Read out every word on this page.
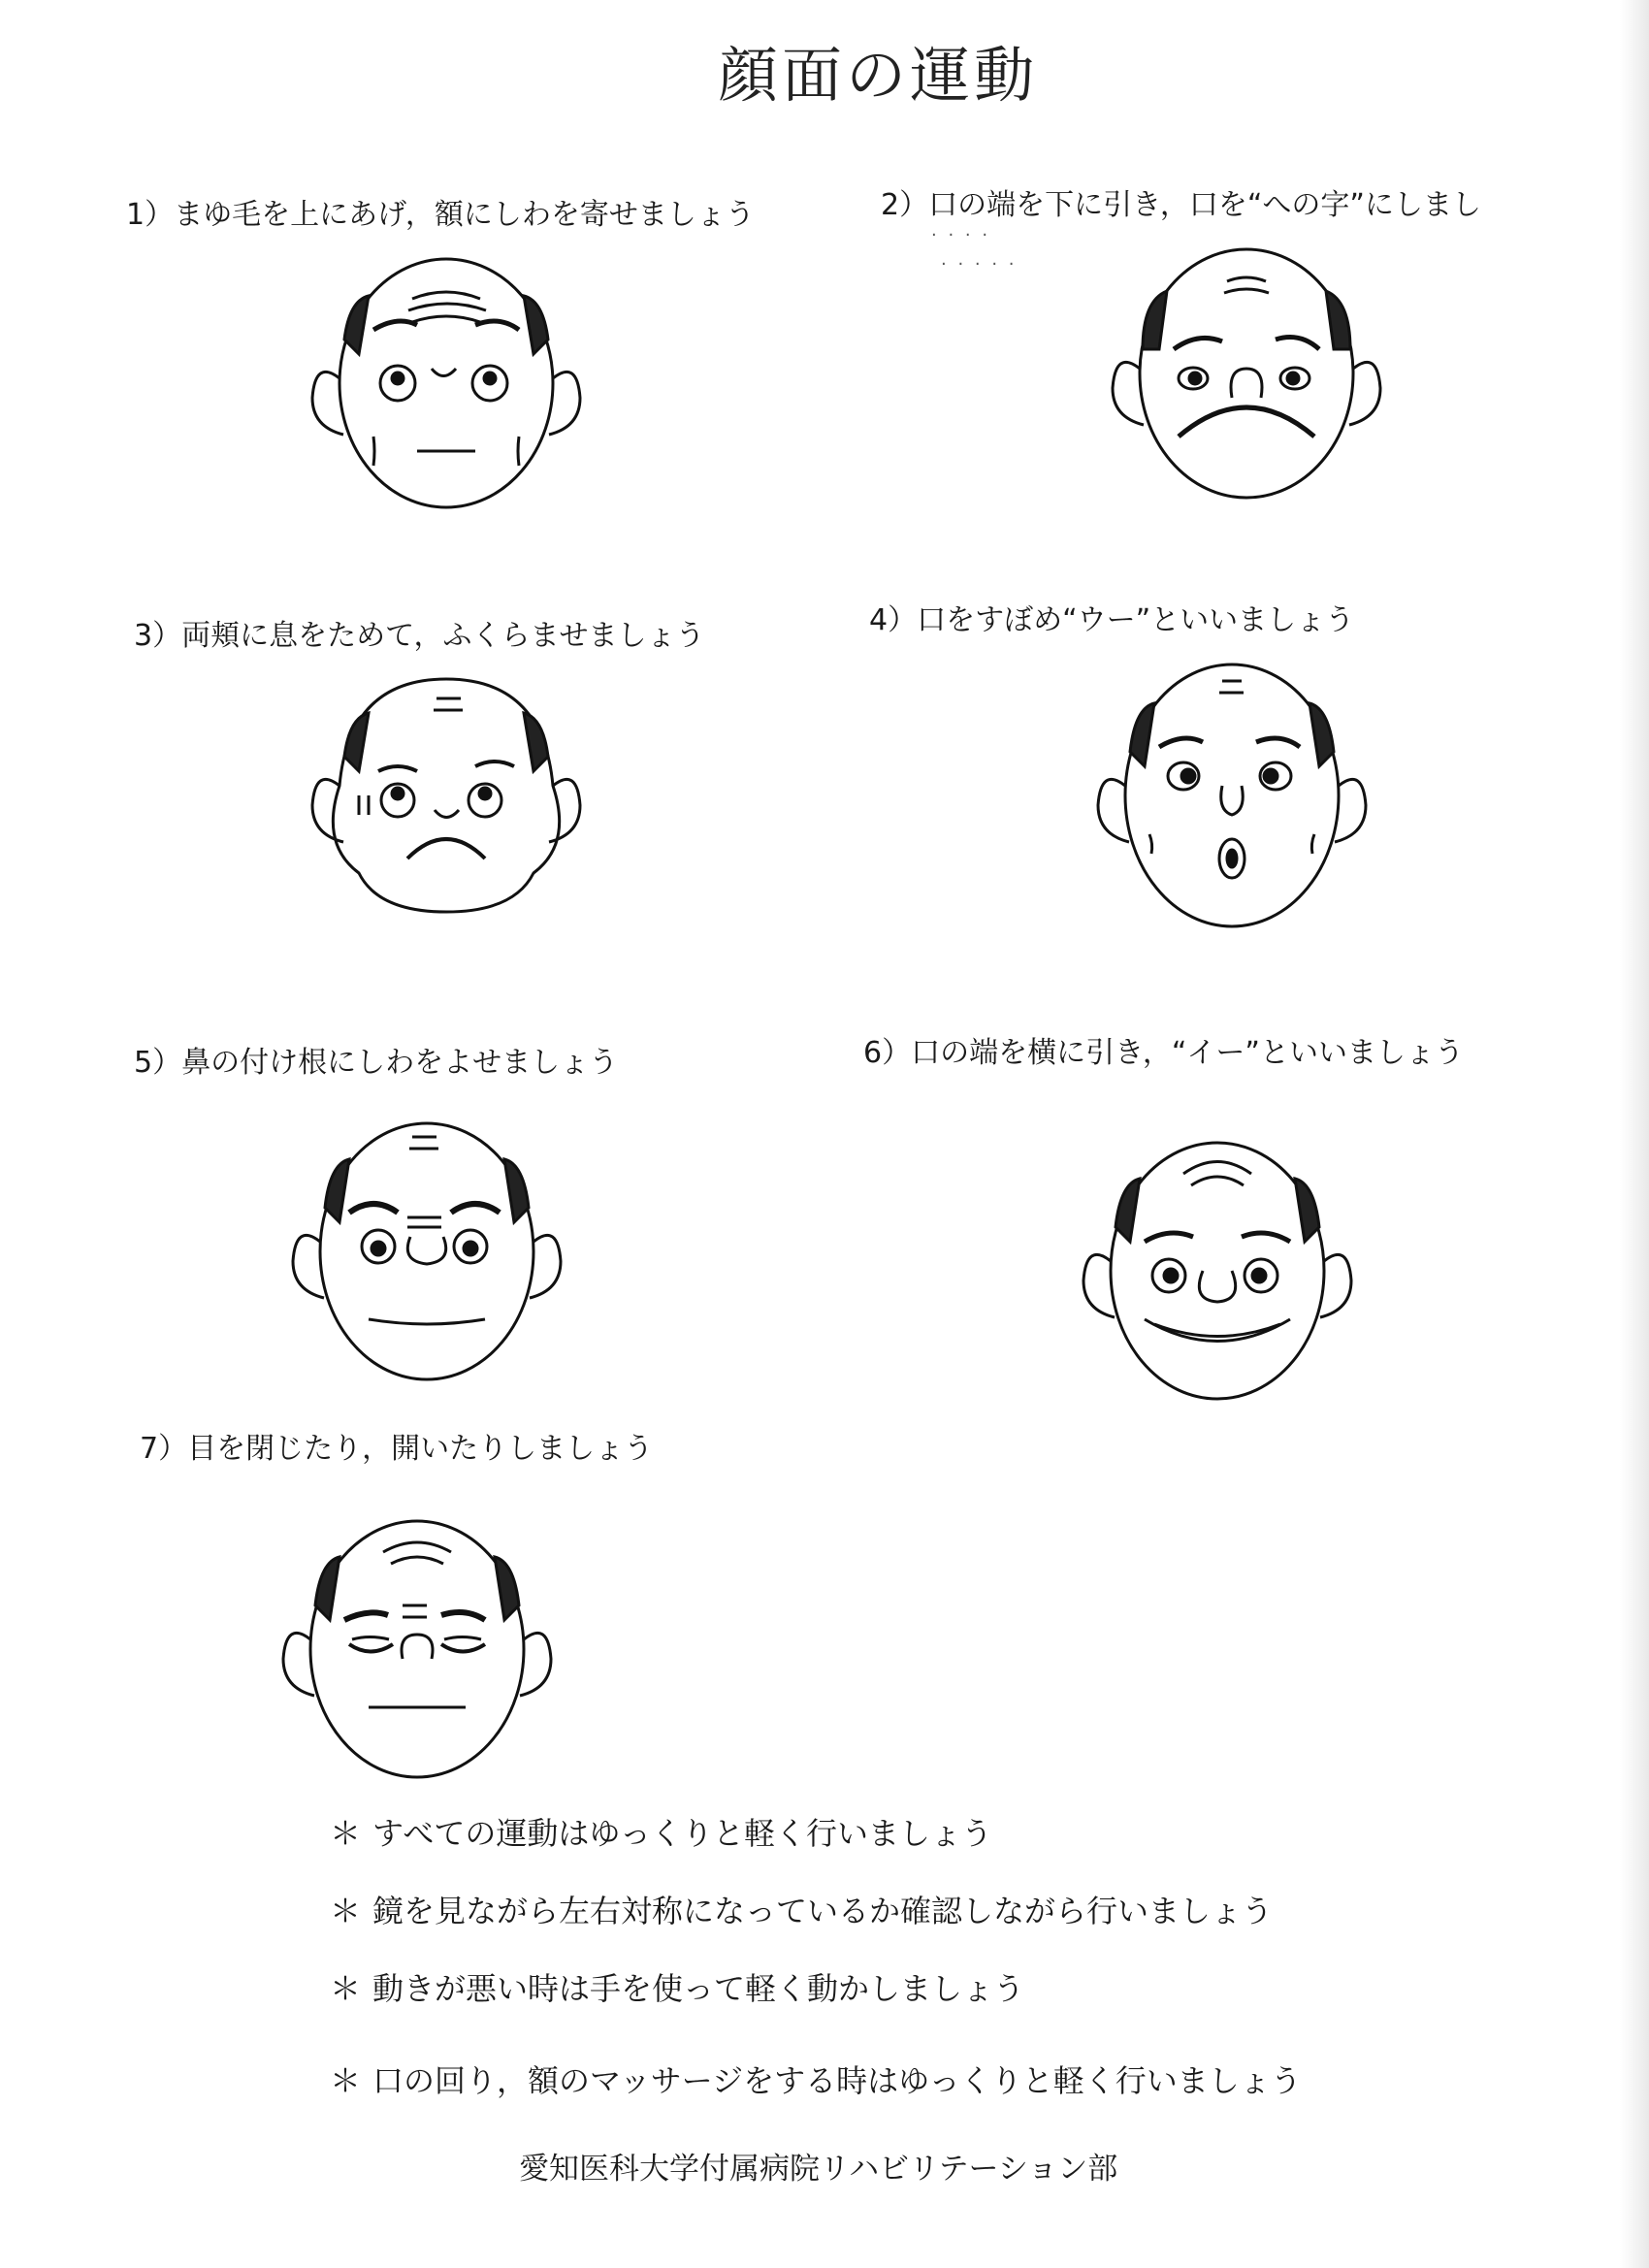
顔面の運動
1）まゆ毛を上にあげ，額にしわを寄せましょう	2）口の端を下に引き，口を“への字”にしまし
3）両頬に息をためて，ふくらませましょう	4）口をすぼめ“ウー”といいましょう
5）鼻の付け根にしわをよせましょう	6）口の端を横に引き，“イー”といいましょう
7）目を閉じたり，開いたりしましょう
· · · ·
· · · · ·
＊ すべての運動はゆっくりと軽く行いましょう
＊ 鏡を見ながら左右対称になっているか確認しながら行いましょう
＊ 動きが悪い時は手を使って軽く動かしましょう
＊ 口の回り，額のマッサージをする時はゆっくりと軽く行いましょう
愛知医科大学付属病院リハビリテーション部
